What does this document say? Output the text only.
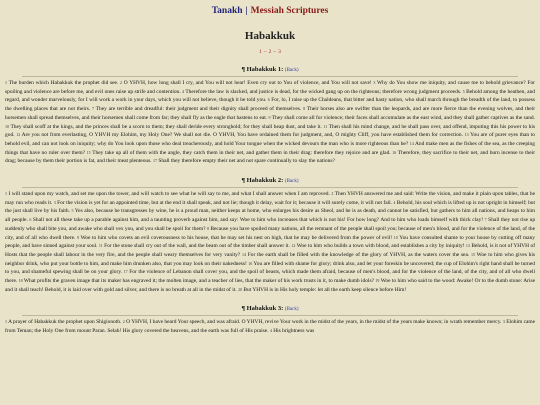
Tanakh | Messiah Scriptures
Habakkuk
1 – 2 – 3
¶ Habakkuk 1: (Back)
1 The burden which Habakkuk the prophet did see. 2 O YHVH, how long shall I cry, and You will not hear! Even cry out to You of violence, and You will not save! 3 Why do You show me iniquity, and cause me to behold grievance? For spoiling and violence are before me, and evil ones raise up strife and contention. 4 Therefore the law is slacked, and justice is dead, for the wicked gang up on the righteous; therefore wrong judgment proceeds. 5 Behold among the heathen, and regard, and wonder marvelously, for I will work a work in your days, which you will not believe, though it be told you. 6 For, lo, I raise up the Chaldeans, that bitter and hasty nation, who shall march through the breadth of the land, to possess the dwelling places that are not theirs. 7 They are terrible and dreadful: their judgment and their dignity shall proceed of themselves. 8 Their horses also are swifter than the leopards, and are more fierce than the evening wolves, and their horsemen shall spread themselves, and their horsemen shall come from far; they shall fly as the eagle that hastens to eat. 9 They shall come all for violence; their faces shall accumulate as the east wind, and they shall gather captives as the sand. 10 They shall scoff at the kings, and the princes shall be a scorn to them; they shall deride every stronghold; for they shall heap dust, and take it. 11 Then shall his mind change, and he shall pass over, and offend, imputing this his power to his god. 12 Are you not from everlasting, O YHVH my Elohim, my Holy One? We shall not die. O YHVH, You have ordained them for judgment, and, O mighty Cliff, you have established them for correction. 13 You are of purer eyes than to behold evil, and can not look on iniquity; why do You look upon those who deal treacherously, and hold Your tongue when the wicked devours the man who is more righteous than he? 14 And make men as the fishes of the sea, as the creeping things that have no ruler over them? 15 They take up all of them with the angle, they catch them in their net, and gather them in their drag: therefore they rejoice and are glad. 16 Therefore, they sacrifice to their net, and burn incense to their drag; because by them their portion is fat, and their meat plenteous. 17 Shall they therefore empty their net and not spare continually to slay the nations?
¶ Habakkuk 2: (Back)
1 I will stand upon my watch, and set me upon the tower, and will watch to see what he will say to me, and what I shall answer when I am reproved. 2 Then YHVH answered me and said: Write the vision, and make it plain upon tables, that he may run who reads it. 3 For the vision is yet for an appointed time, but at the end it shall speak, and not lie; though it delay, wait for it; because it will surely come, it will not fail. 4 Behold, his soul which is lifted up is not upright in himself; but the just shall live by his faith. 5 Yes also, because he transgresses by wine, he is a proud man, neither keeps at home, who enlarges his desire as Sheol, and he is as death, and cannot be satisfied, but gathers to him all nations, and heaps to him all people. 6 Shall not all these take up a parable against him, and a taunting proverb against him, and say: Woe to him who increases that which is not his! For how long? And to him who loads himself with thick clay! 7 Shall they not rise up suddenly who shall bite you, and awake who shall vex you, and you shall be spoil for them? 8 Because you have spoiled many nations, all the remnant of the people shall spoil you; because of men's blood, and for the violence of the land, of the city, and of all who dwell there. 9 Woe to him who covets an evil covetousness to his house, that he may set his nest on high, that he may be delivered from the power of evil! 10 You have consulted shame to your house by cutting off many people, and have sinned against your soul. 11 For the stone shall cry out of the wall, and the beam out of the timber shall answer it. 12 Woe to him who builds a town with blood, and establishes a city by iniquity! 13 Behold, is it not of YHVH of Hosts that the people shall labour in the very fire, and the people shall weary themselves for very vanity? 14 For the earth shall be filled with the knowledge of the glory of YHVH, as the waters cover the sea. 15 Woe to him who gives his neighbor drink, who put your bottle to him, and make him drunken also, that you may look on their nakedness! 16 You are filled with shame for glory; drink also, and let your foreskin be uncovered; the cup of Elohim's right hand shall be turned to you, and shameful spewing shall be on your glory. 17 For the violence of Lebanon shall cover you, and the spoil of beasts, which made them afraid, because of men's blood, and for the violence of the land, of the city, and of all who dwell there. 18 What profits the graven image that its maker has engraved it; the molten image, and a teacher of lies, that the maker of his work trusts in it, to make dumb idols? 19 Woe to him who said to the wood: Awake! Or to the dumb stone: Arise and it shall teach! Behold, it is laid over with gold and silver, and there is no breath at all in the midst of it. 20 But YHVH is in His holy temple: let all the earth keep silence before Him!
¶ Habakkuk 3: (Back)
1 A prayer of Habakkuk the prophet upon Shigionoth. 2 O YHVH, I have heard Your speech, and was afraid. O YHVH, revive Your work in the midst of the years, in the midst of the years make known; in wrath remember mercy. 3 Elohim came from Teman; the Holy One from mount Paran. Selah! His glory covered the heavens, and the earth was full of His praise. 4 His brightness was
